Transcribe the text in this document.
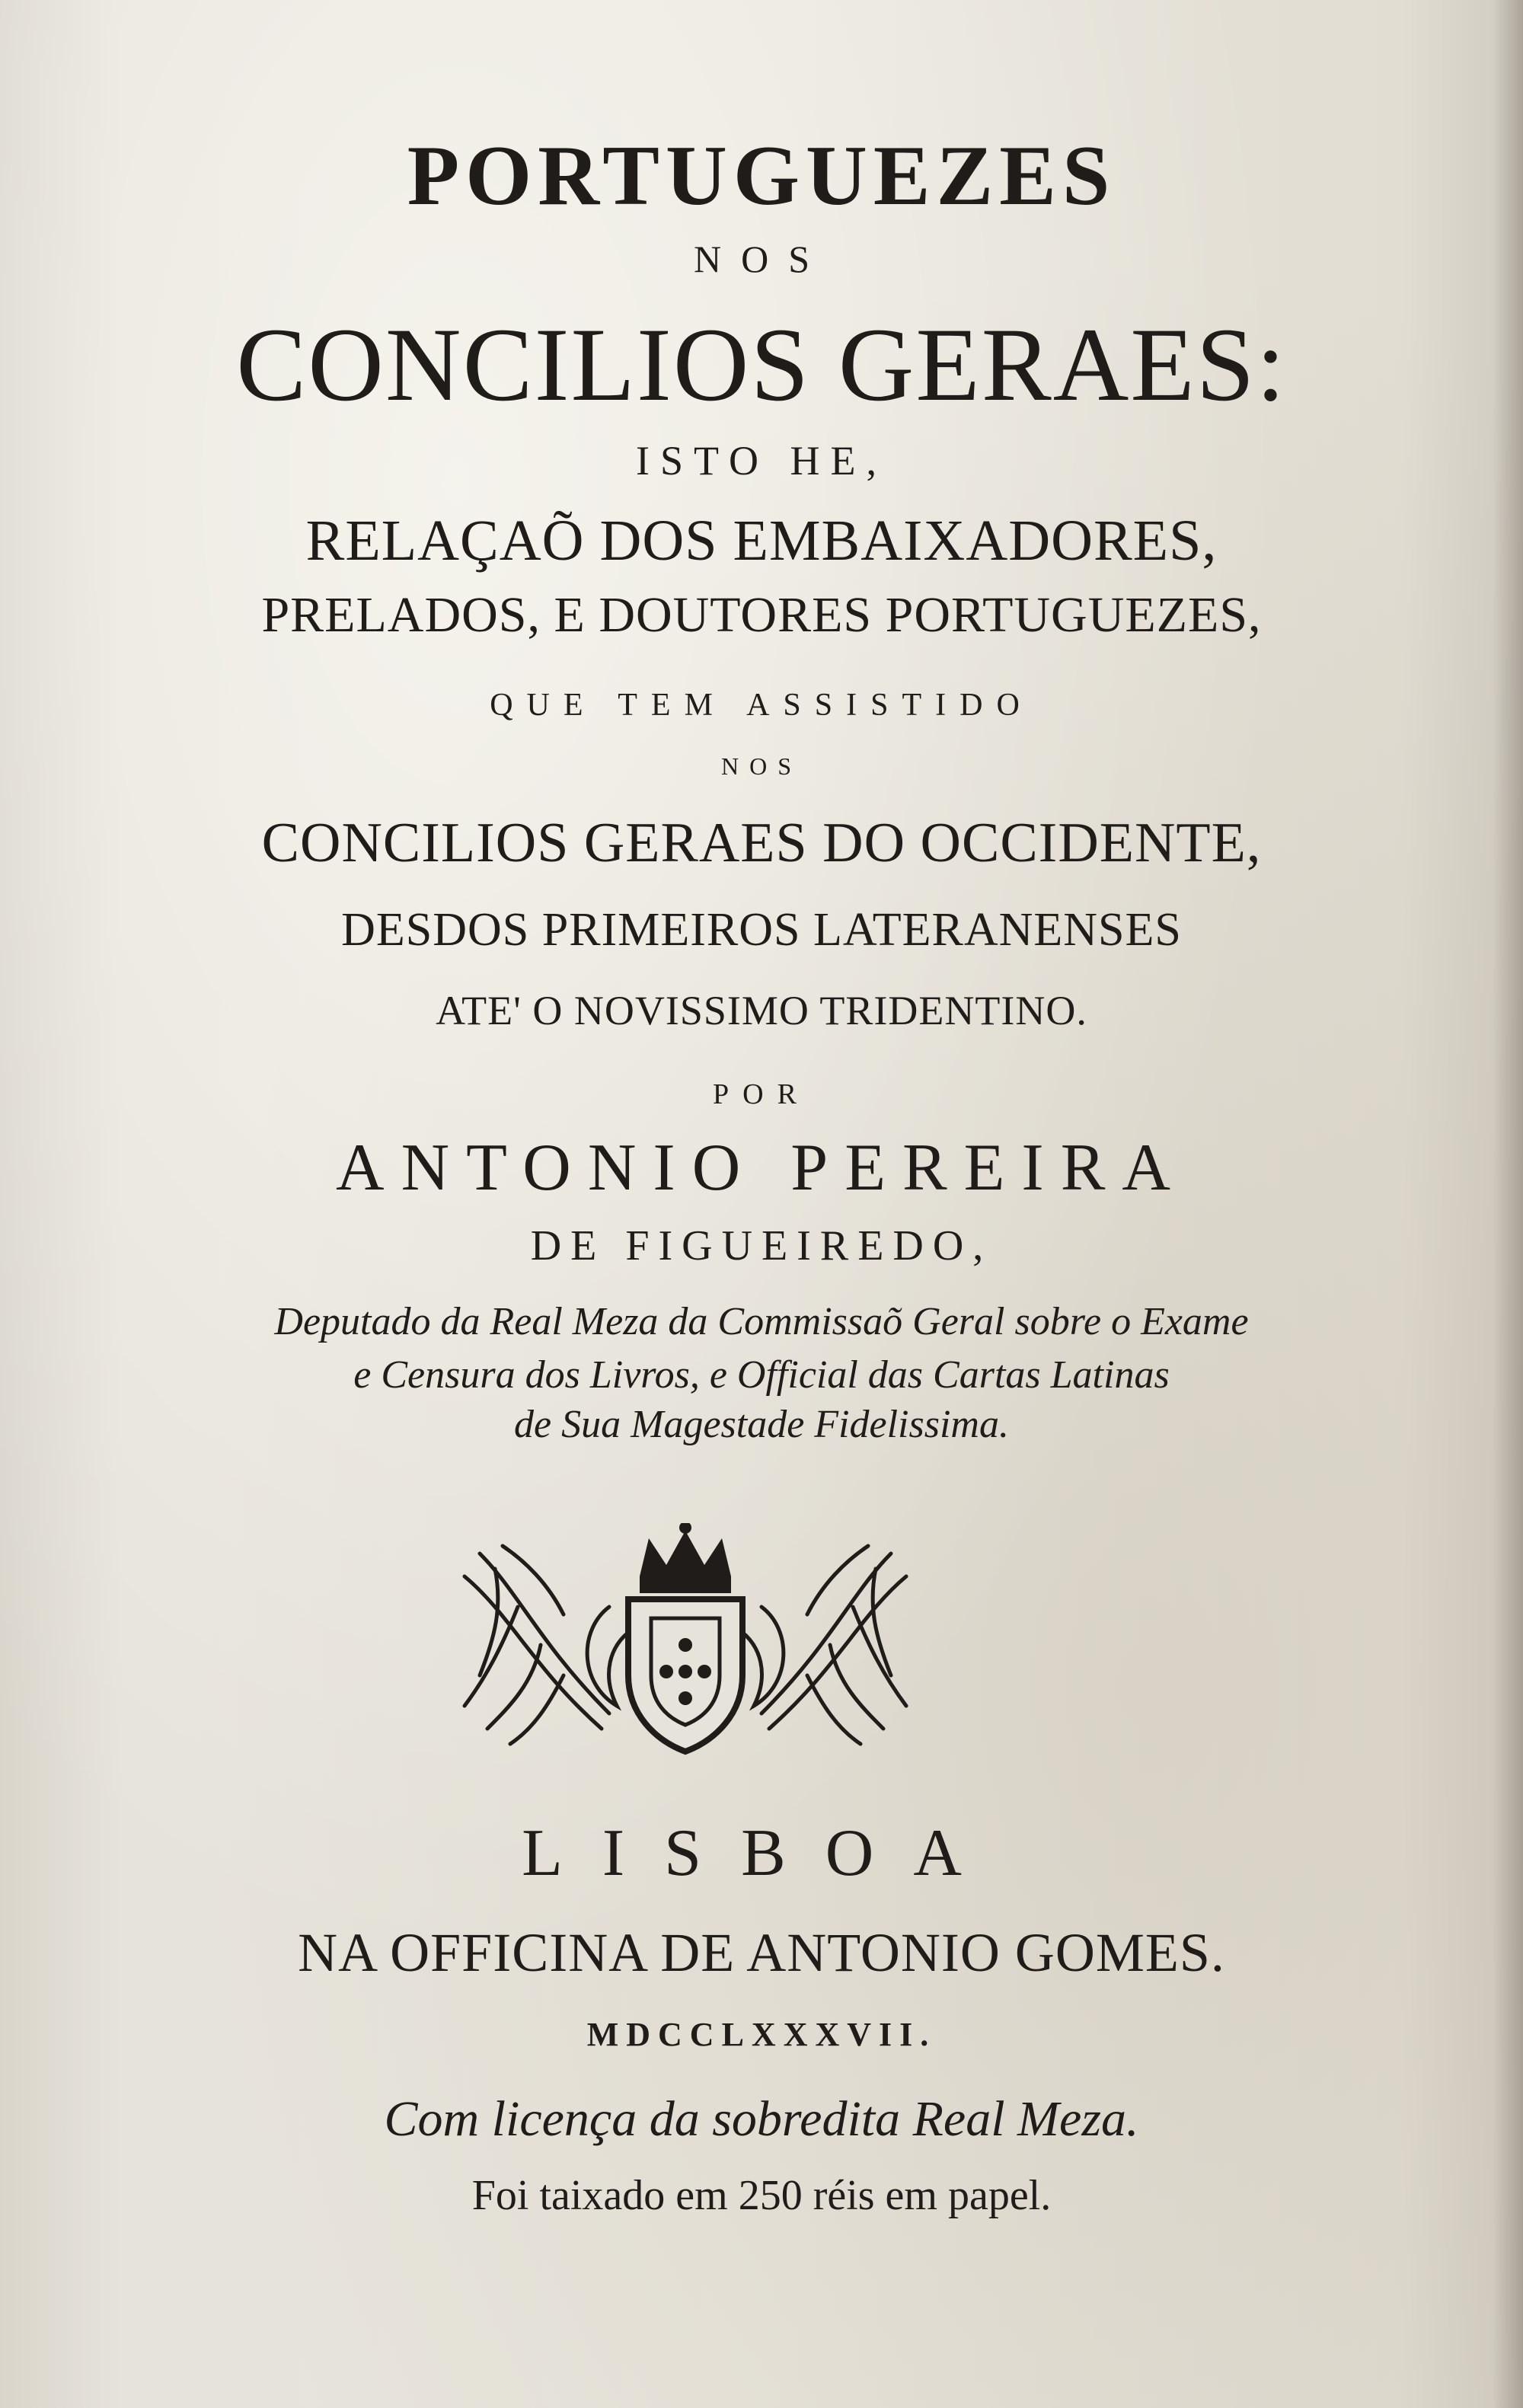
PORTUGUEZES
NOS
CONCILIOS GERAES:
ISTO HE,
RELAÇAÕ DOS EMBAIXADORES,
PRELADOS, E DOUTORES PORTUGUEZES,
QUE TEM ASSISTIDO
NOS
CONCILIOS GERAES DO OCCIDENTE,
DESDOS PRIMEIROS LATERANENSES
ATE' O NOVISSIMO TRIDENTINO.
POR
ANTONIO PEREIRA
DE FIGUEIREDO,
Deputado da Real Meza da Commissaõ Geral sobre o Exame
e Censura dos Livros, e Official das Cartas Latinas
de Sua Magestade Fidelissima.
LISBOA
NA OFFICINA DE ANTONIO GOMES.
MDCCLXXXVII.
Com licença da sobredita Real Meza.
Foi taixado em 250 réis em papel.
